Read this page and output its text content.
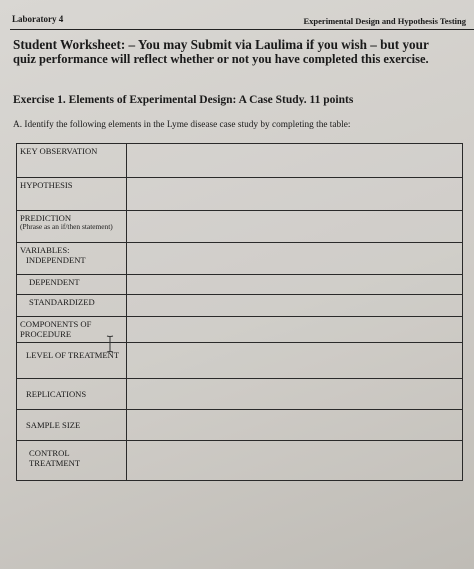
Laboratory 4	Experimental Design and Hypothesis Testing
Student Worksheet: – You may Submit via Laulima if you wish – but your
quiz performance will reflect whether or not you have completed this exercise.
Exercise 1. Elements of Experimental Design: A Case Study. 11 points
A. Identify the following elements in the Lyme disease case study by completing the table:
KEY OBSERVATION	

HYPOTHESIS	

PREDICTION
(Phrase as an if/then statement)	

VARIABLES:
INDEPENDENT	

DEPENDENT	

STANDARDIZED	

COMPONENTS OF PROCEDURE	

LEVEL OF TREATMENT	

REPLICATIONS	

SAMPLE SIZE	

CONTROL TREATMENT	
